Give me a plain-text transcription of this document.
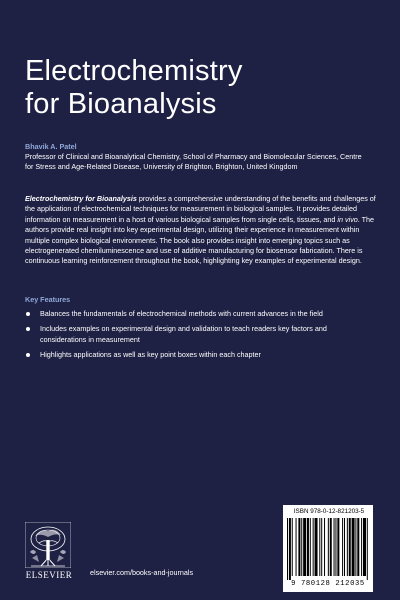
Electrochemistry
for Bioanalysis
Bhavik A. Patel
Professor of Clinical and Bioanalytical Chemistry, School of Pharmacy and Biomolecular Sciences, Centre for Stress and Age-Related Disease, University of Brighton, Brighton, United Kingdom

Electrochemistry for Bioanalysis provides a comprehensive understanding of the benefits and challenges of the application of electrochemical techniques for measurement in biological samples. It provides detailed information on measurement in a host of various biological samples from single cells, tissues, and in vivo. The authors provide real insight into key experimental design, utilizing their experience in measurement within multiple complex biological environments. The book also provides insight into emerging topics such as electrogenerated chemiluminescence and use of additive manufacturing for biosensor fabrication. There is continuous learning reinforcement throughout the book, highlighting key examples of experimental design.

Key Features
Balances the fundamentals of electrochemical methods with current advances in the field
Includes examples on experimental design and validation to teach readers key factors and considerations in measurement
Highlights applications as well as key point boxes within each chapter
ELSEVIER	elsevier.com/books-and-journals
ISBN 978-0-12-821203-5
9 780128 212035
